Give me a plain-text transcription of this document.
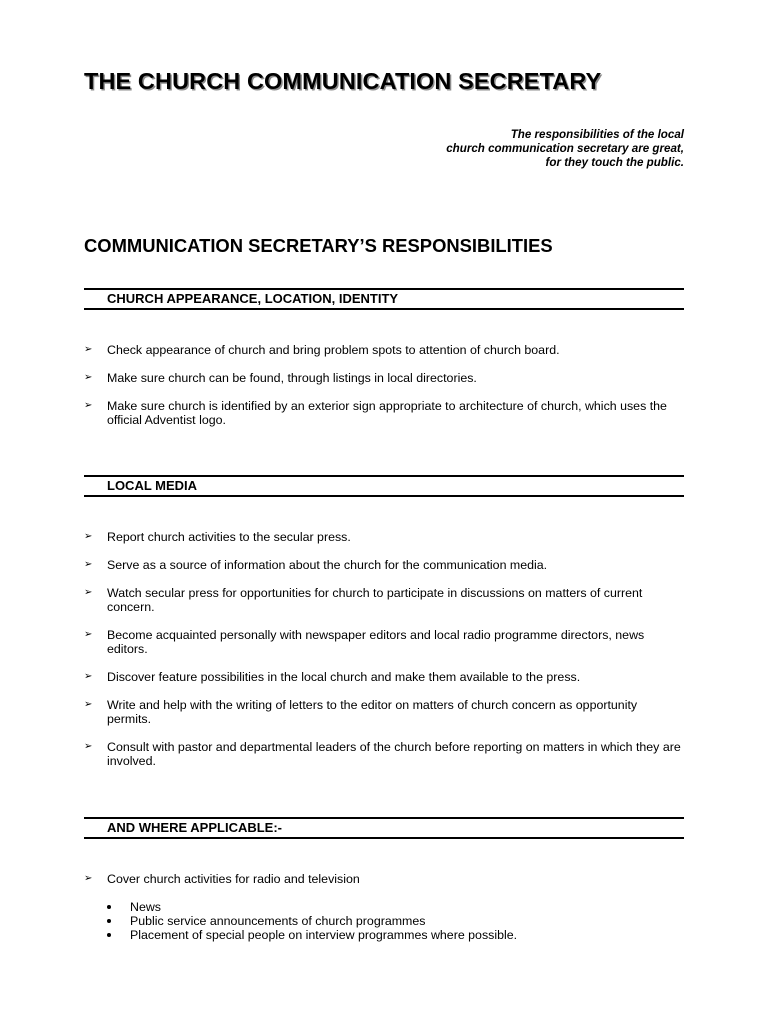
THE CHURCH COMMUNICATION SECRETARY
The responsibilities of the local
church communication secretary are great,
for they touch the public.
COMMUNICATION SECRETARY’S RESPONSIBILITIES
CHURCH APPEARANCE, LOCATION, IDENTITY
➢	Check appearance of church and bring problem spots to attention of church board.
➢	Make sure church can be found, through listings in local directories.
➢	Make sure church is identified by an exterior sign appropriate to architecture of church, which uses the official Adventist logo.
LOCAL MEDIA
➢	Report church activities to the secular press.
➢	Serve as a source of information about the church for the communication media.
➢	Watch secular press for opportunities for church to participate in discussions on matters of current concern.
➢	Become acquainted personally with newspaper editors and local radio programme directors, news editors.
➢	Discover feature possibilities in the local church and make them available to the press.
➢	Write and help with the writing of letters to the editor on matters of church concern as opportunity permits.
➢	Consult with pastor and departmental leaders of the church before reporting on matters in which they are involved.
AND WHERE APPLICABLE:-
➢	Cover church activities for radio and television
News
Public service announcements of church programmes
Placement of special people on interview programmes where possible.
